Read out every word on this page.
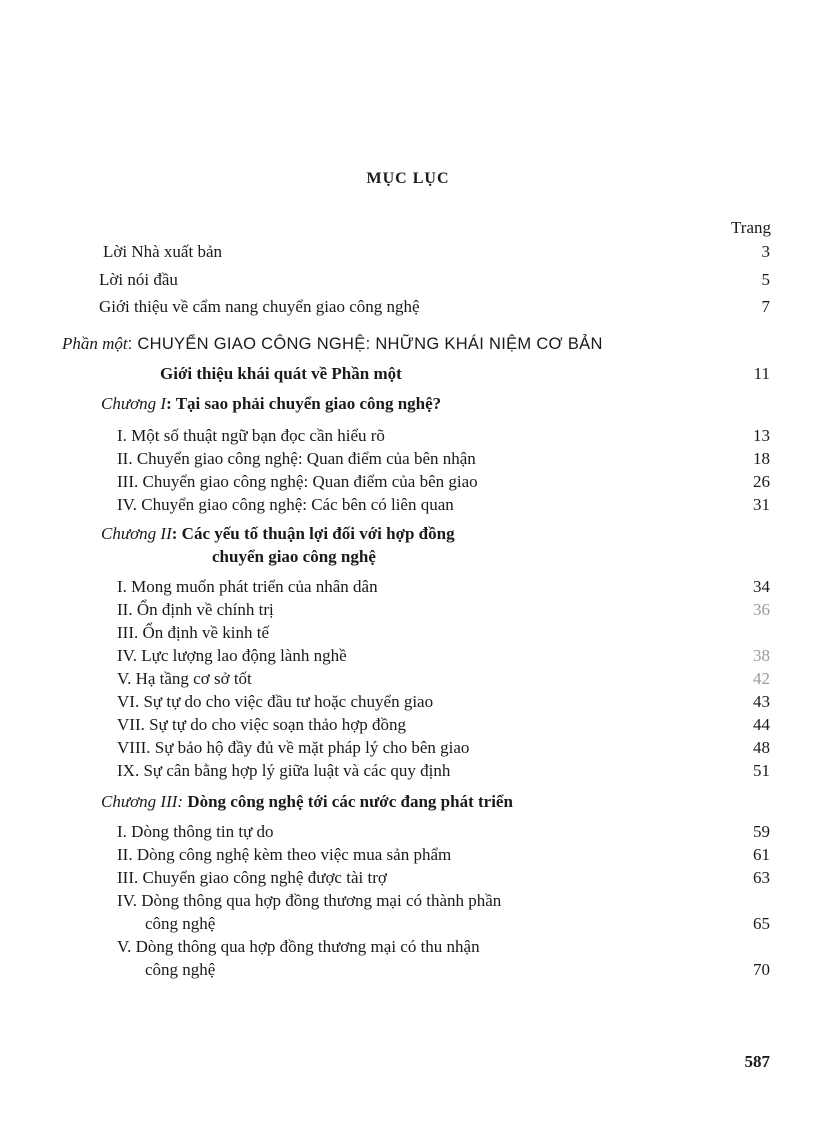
MỤC LỤC
Trang
Lời Nhà xuất bản	3
Lời nói đầu	5
Giới thiệu về cẩm nang chuyển giao công nghệ	7
Phần một: CHUYỂN GIAO CÔNG NGHỆ: NHỮNG KHÁI NIỆM CƠ BẢN
Giới thiệu khái quát về Phần một	11
Chương I: Tại sao phải chuyển giao công nghệ?
I. Một số thuật ngữ bạn đọc cần hiểu rõ	13
II. Chuyển giao công nghệ: Quan điểm của bên nhận	18
III. Chuyển giao công nghệ: Quan điểm của bên giao	26
IV. Chuyển giao công nghệ: Các bên có liên quan	31
Chương II: Các yếu tố thuận lợi đối với hợp đồng
chuyển giao công nghệ
I. Mong muốn phát triển của nhân dân	34
II. Ổn định về chính trị	36
III. Ổn định về kinh tế
IV. Lực lượng lao động lành nghề	38
V. Hạ tầng cơ sở tốt	42
VI. Sự tự do cho việc đầu tư hoặc chuyển giao	43
VII. Sự tự do cho việc soạn thảo hợp đồng	44
VIII. Sự bảo hộ đầy đủ về mặt pháp lý cho bên giao	48
IX. Sự cân bằng hợp lý giữa luật và các quy định	51
Chương III: Dòng công nghệ tới các nước đang phát triển
I. Dòng thông tin tự do	59
II. Dòng công nghệ kèm theo việc mua sản phẩm	61
III. Chuyển giao công nghệ được tài trợ	63
IV. Dòng thông qua hợp đồng thương mại có thành phần
công nghệ	65
V. Dòng thông qua hợp đồng thương mại có thu nhận
công nghệ	70
587
